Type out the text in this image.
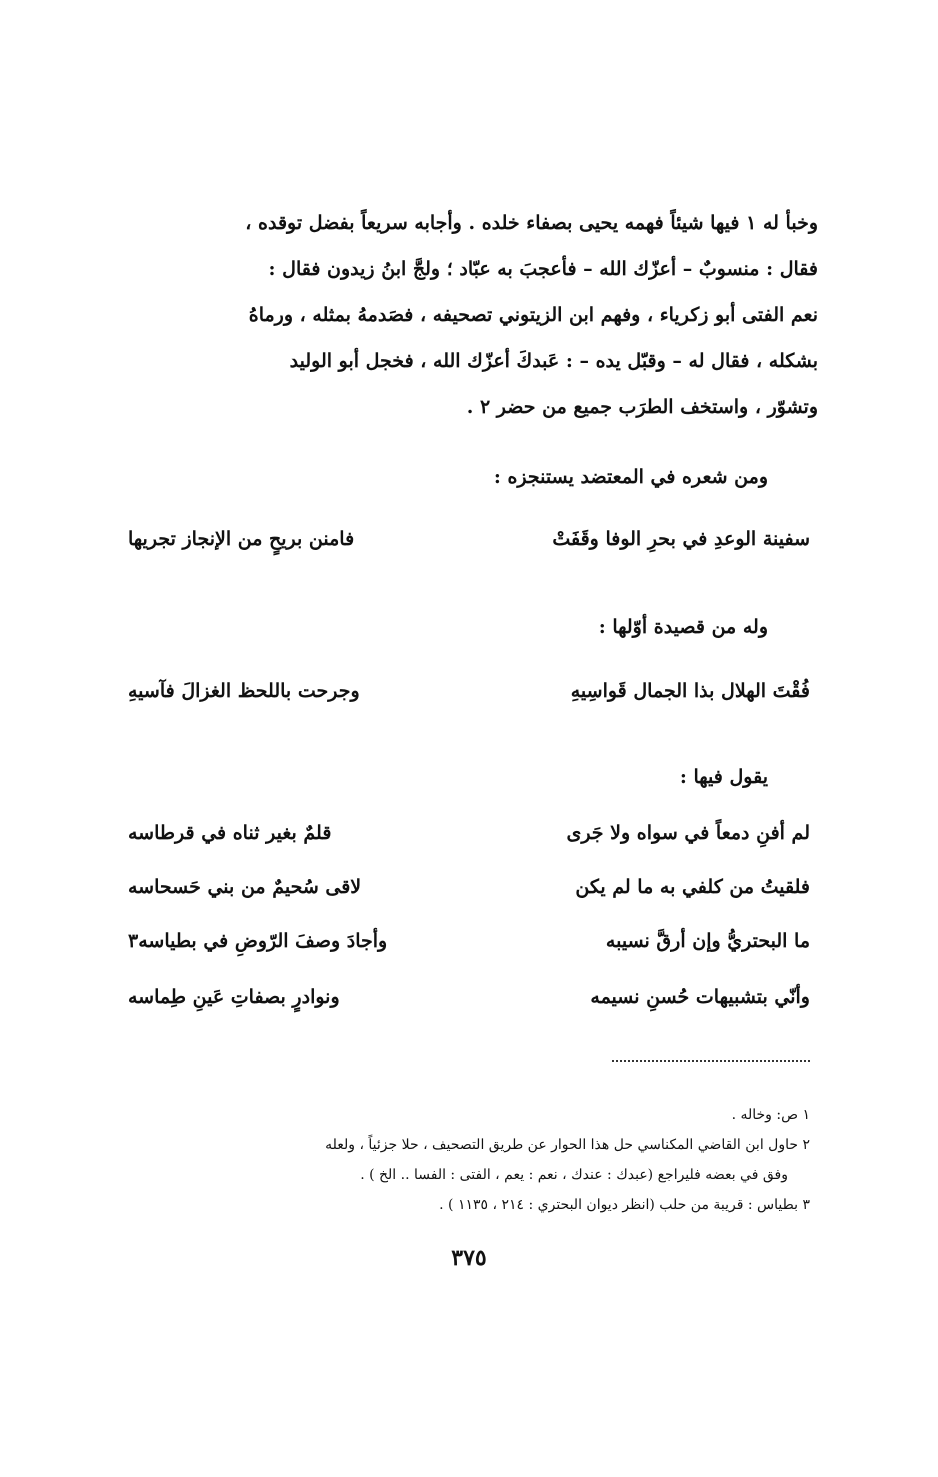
وخبأ له ١ فيها شيئاً فهمه يحيى بصفاء خلده . وأجابه سريعاً بفضل توقده ،
فقال : منسوبٌ – أعزّك الله – فأعجبَ به عبّاد ؛ ولجَّ ابنُ زيدون فقال :
نعم الفتى أبو زكرياء ، وفهم ابن الزيتوني تصحيفه ، فصَدمهُ بمثله ، ورماهُ
بشكله ، فقال له – وقبّل يده – : عَبدكَ أعزّك الله ، فخجل أبو الوليد
وتشوّر ، واستخف الطرَب جميع من حضر ٢ .
ومن شعره في المعتضد يستنجزه :
سفينة الوعدِ في بحرِ الوفا وقَفَتْ
فامنن بريحٍ من الإنجاز تجريها
وله من قصيدة أوّلها :
فُقْتَ الهلال بذا الجمال قَواسِيهِ
وجرحت باللحظ الغزالَ فآسيهِ
يقول فيها :
لم أفنِ دمعاً في سواه ولا جَرى
قلمٌ بغير ثناه في قرطاسه
فلقيتُ من كلفي به ما لم يكن
لاقى سُحيمٌ من بني حَسحاسه
ما البحتريُّ وإن أرقَّ نسيبه
وأجادَ وصفَ الرّوضِ في بطياسه٣
وأنّي بتشبيهات حُسنِ نسيمه
ونوادرٍ بصفاتِ عَينِ طِماسه
١ ص: وخاله .
٢ حاول ابن القاضي المكناسي حل هذا الحوار عن طريق التصحيف ، حلا جزئياً ، ولعله
وفق في بعضه فليراجع (عبدك : عندك ، نعم : يعم ، الفتى : الفسا .. الخ ) .
٣ بطياس : قريبة من حلب (انظر ديوان البحتري : ٢١٤ ، ١١٣٥ ) .
٣٧٥
